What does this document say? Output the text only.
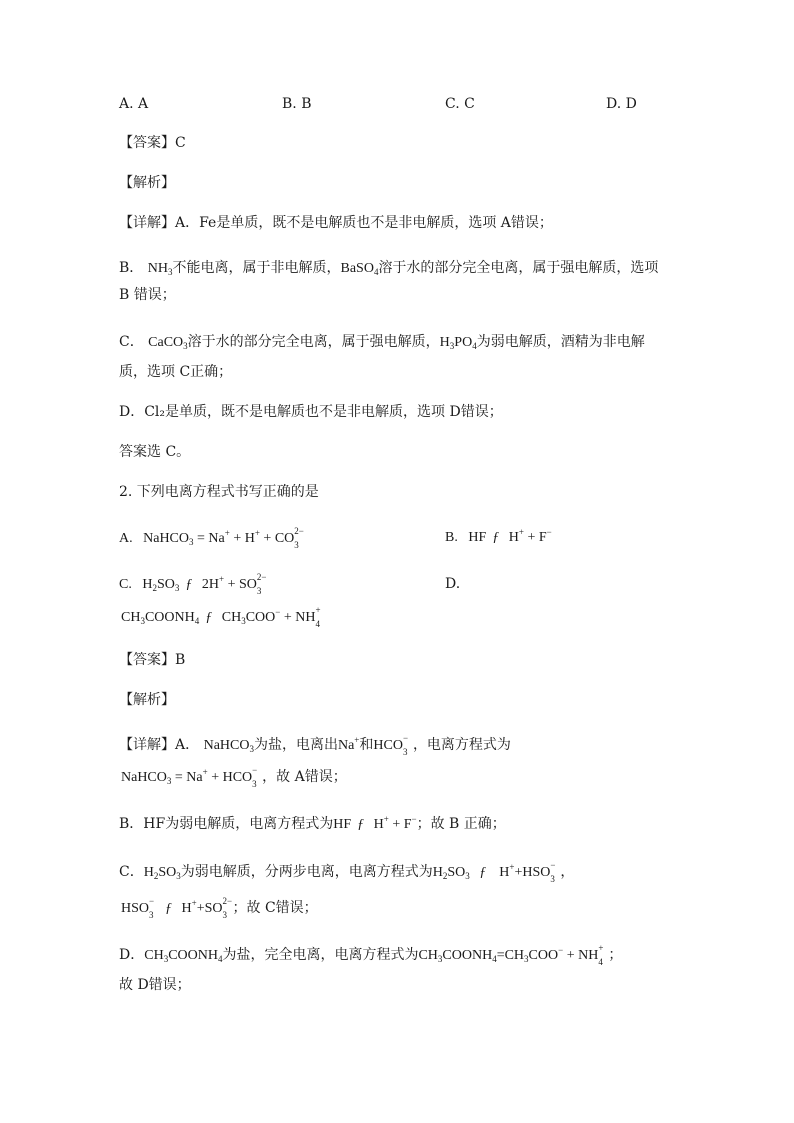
A. A	B. B	C. C	D. D
【答案】C
【解析】
【详解】A．Fe是单质，既不是电解质也不是非电解质，选项 A错误；
B． $NH_3$不能电离，属于非电解质，BaSO$_4$溶于水的部分完全电离，属于强电解质，选项
B 错误；
C． CaCO$_3$溶于水的部分完全电离，属于强电解质，$H_3PO_4$为弱电解质，酒精为非电解
质，选项 C正确；
D．Cl₂是单质，既不是电解质也不是非电解质，选项 D错误；
答案选 C。
2. 下列电离方程式书写正确的是
A.   NaHCO$_3$ = Na+ + H+ + CO 2−
3	B.   HF ƒ H+ + F−
C.   $H_2SO_3$ ƒ 2H+ + SO 2−
3	D.
$CH_3COONH_4$ ƒ $CH_3COO^-$ + NH +
4
【答案】B
【解析】
【详解】A． NaHCO$_3$为盐，电离出Na+和HCO −
3 ，电离方程式为
NaHCO$_3$ = Na+ + HCO −
3 ，故 A错误；
B．HF为弱电解质，电离方程式为HF ƒ H+ + F−；故 B 正确；
C．$H_2SO_3$为弱电解质，分两步电离，电离方程式为$H_2SO_3$ ƒ  H++HSO −
3 ，
HSO −
3 ƒ H++SO 2−
3 ；故 C错误；
D．$CH_3COONH_4$为盐，完全电离，电离方程式为$CH_3COONH_4=CH_3COO^-$ + NH +
4 ；
故 D错误；
